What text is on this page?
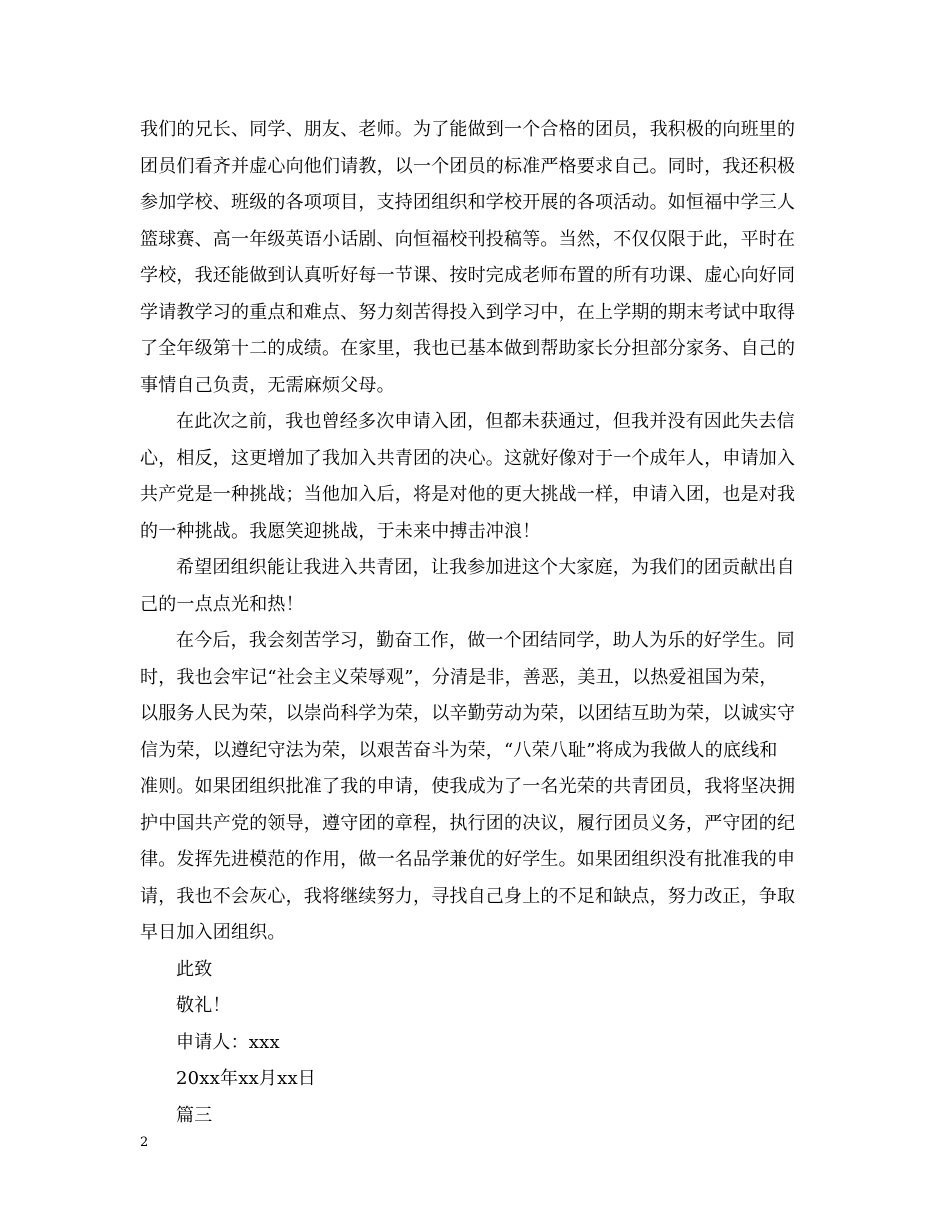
我们的兄长、同学、朋友、老师。为了能做到一个合格的团员，我积极的向班里的
团员们看齐并虚心向他们请教，以一个团员的标准严格要求自己。同时，我还积极
参加学校、班级的各项项目，支持团组织和学校开展的各项活动。如恒福中学三人
篮球赛、高一年级英语小话剧、向恒福校刊投稿等。当然，不仅仅限于此，平时在
学校，我还能做到认真听好每一节课、按时完成老师布置的所有功课、虚心向好同
学请教学习的重点和难点、努力刻苦得投入到学习中，在上学期的期末考试中取得
了全年级第十二的成绩。在家里，我也已基本做到帮助家长分担部分家务、自己的
事情自己负责，无需麻烦父母。
在此次之前，我也曾经多次申请入团，但都未获通过，但我并没有因此失去信
心，相反，这更增加了我加入共青团的决心。这就好像对于一个成年人，申请加入
共产党是一种挑战；当他加入后，将是对他的更大挑战一样，申请入团，也是对我
的一种挑战。我愿笑迎挑战，于未来中搏击冲浪！
希望团组织能让我进入共青团，让我参加进这个大家庭，为我们的团贡献出自
己的一点点光和热！
在今后，我会刻苦学习，勤奋工作，做一个团结同学，助人为乐的好学生。同
时，我也会牢记“社会主义荣辱观”，分清是非，善恶，美丑，以热爱祖国为荣，
以服务人民为荣，以崇尚科学为荣，以辛勤劳动为荣，以团结互助为荣，以诚实守
信为荣，以遵纪守法为荣，以艰苦奋斗为荣，“八荣八耻”将成为我做人的底线和
准则。如果团组织批准了我的申请，使我成为了一名光荣的共青团员，我将坚决拥
护中国共产党的领导，遵守团的章程，执行团的决议，履行团员义务，严守团的纪
律。发挥先进模范的作用，做一名品学兼优的好学生。如果团组织没有批准我的申
请，我也不会灰心，我将继续努力，寻找自己身上的不足和缺点，努力改正，争取
早日加入团组织。
此致
敬礼！
申请人：xxx
20xx年xx月xx日
篇三
2
